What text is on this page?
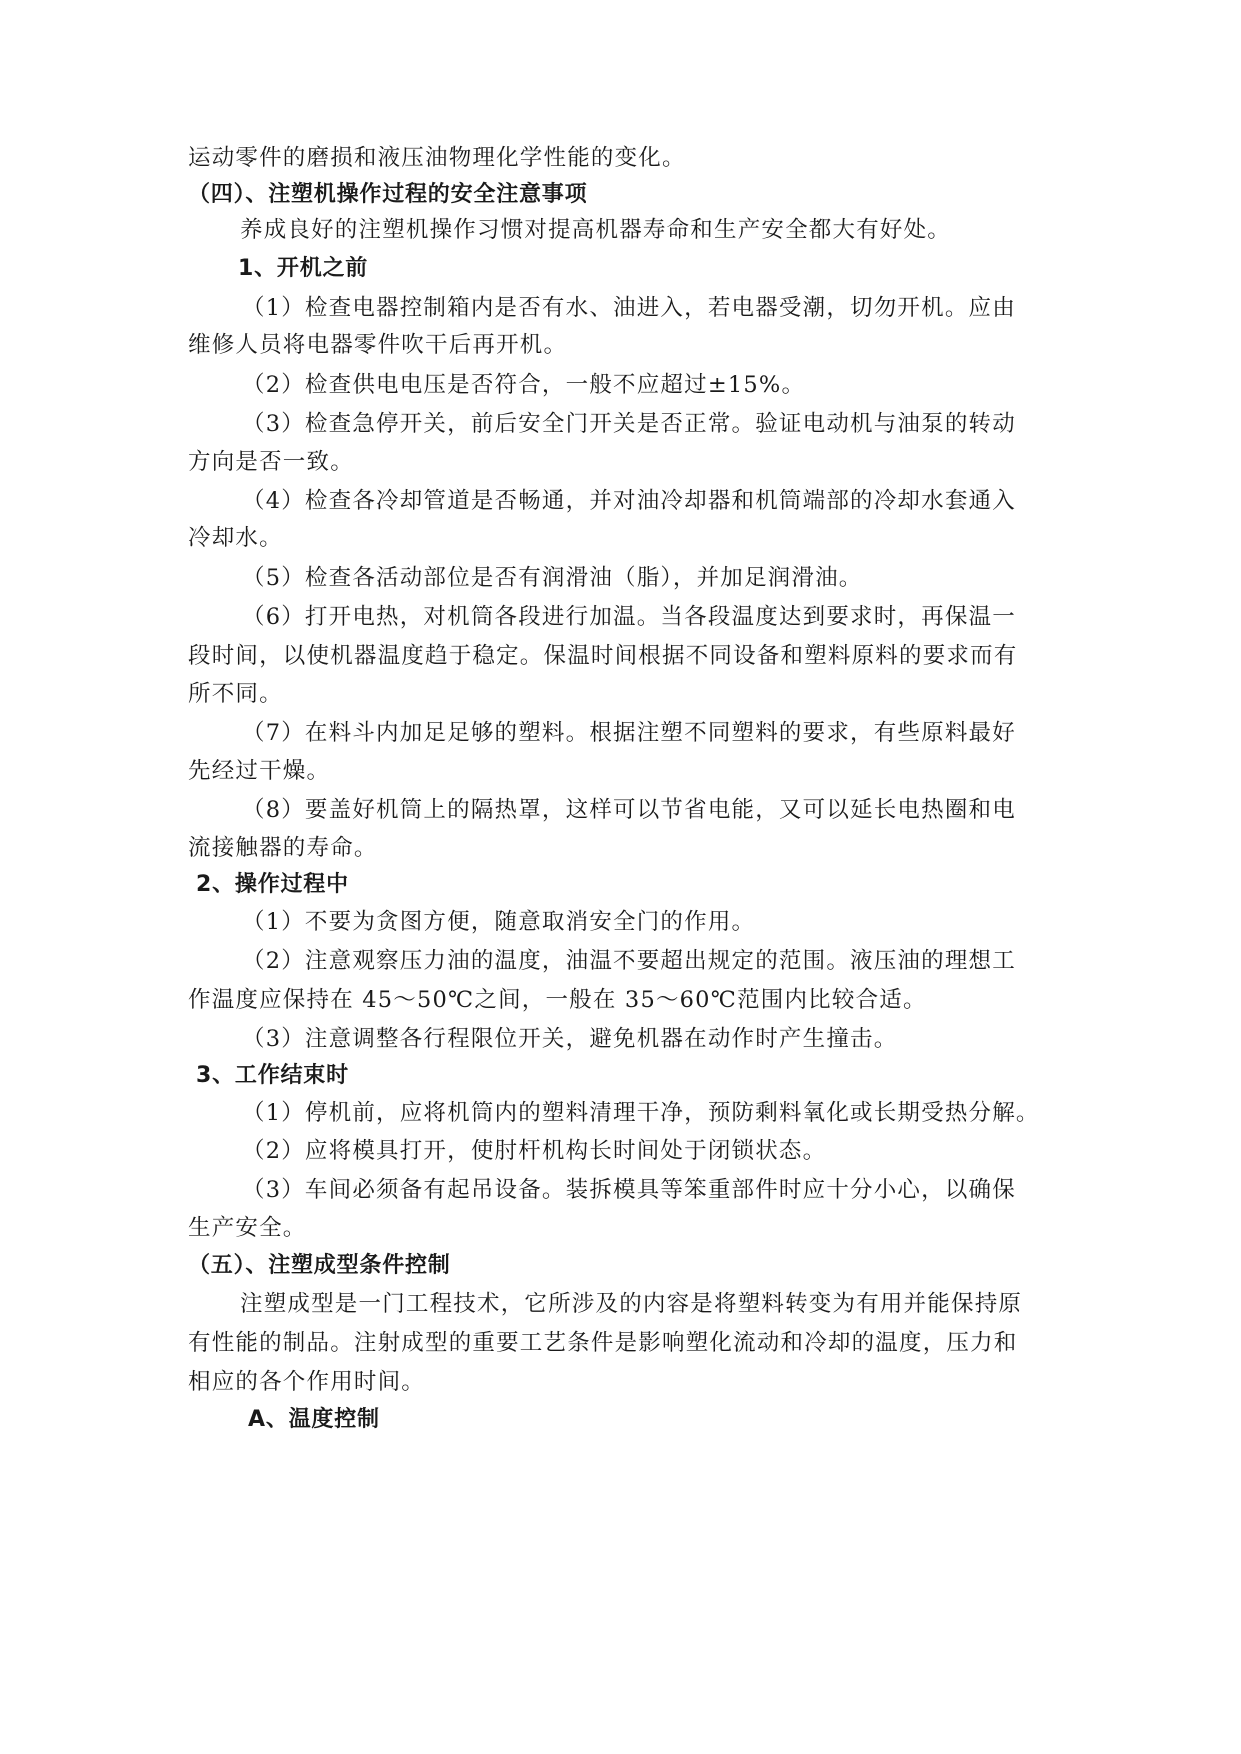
运动零件的磨损和液压油物理化学性能的变化。
（四）、注塑机操作过程的安全注意事项
养成良好的注塑机操作习惯对提高机器寿命和生产安全都大有好处。
1、开机之前
（1）检查电器控制箱内是否有水、油进入，若电器受潮，切勿开机。应由
维修人员将电器零件吹干后再开机。
（2）检查供电电压是否符合，一般不应超过±15%。
（3）检查急停开关，前后安全门开关是否正常。验证电动机与油泵的转动
方向是否一致。
（4）检查各冷却管道是否畅通，并对油冷却器和机筒端部的冷却水套通入
冷却水。
（5）检查各活动部位是否有润滑油（脂），并加足润滑油。
（6）打开电热，对机筒各段进行加温。当各段温度达到要求时，再保温一
段时间，以使机器温度趋于稳定。保温时间根据不同设备和塑料原料的要求而有
所不同。
（7）在料斗内加足足够的塑料。根据注塑不同塑料的要求，有些原料最好
先经过干燥。
（8）要盖好机筒上的隔热罩，这样可以节省电能，又可以延长电热圈和电
流接触器的寿命。
2、操作过程中
（1）不要为贪图方便，随意取消安全门的作用。
（2）注意观察压力油的温度，油温不要超出规定的范围。液压油的理想工
作温度应保持在 45～50℃之间，一般在 35～60℃范围内比较合适。
（3）注意调整各行程限位开关，避免机器在动作时产生撞击。
3、工作结束时
（1）停机前，应将机筒内的塑料清理干净，预防剩料氧化或长期受热分解。
（2）应将模具打开，使肘杆机构长时间处于闭锁状态。
（3）车间必须备有起吊设备。装拆模具等笨重部件时应十分小心，以确保
生产安全。
（五）、注塑成型条件控制
注塑成型是一门工程技术，它所涉及的内容是将塑料转变为有用并能保持原
有性能的制品。注射成型的重要工艺条件是影响塑化流动和冷却的温度，压力和
相应的各个作用时间。
A、温度控制
